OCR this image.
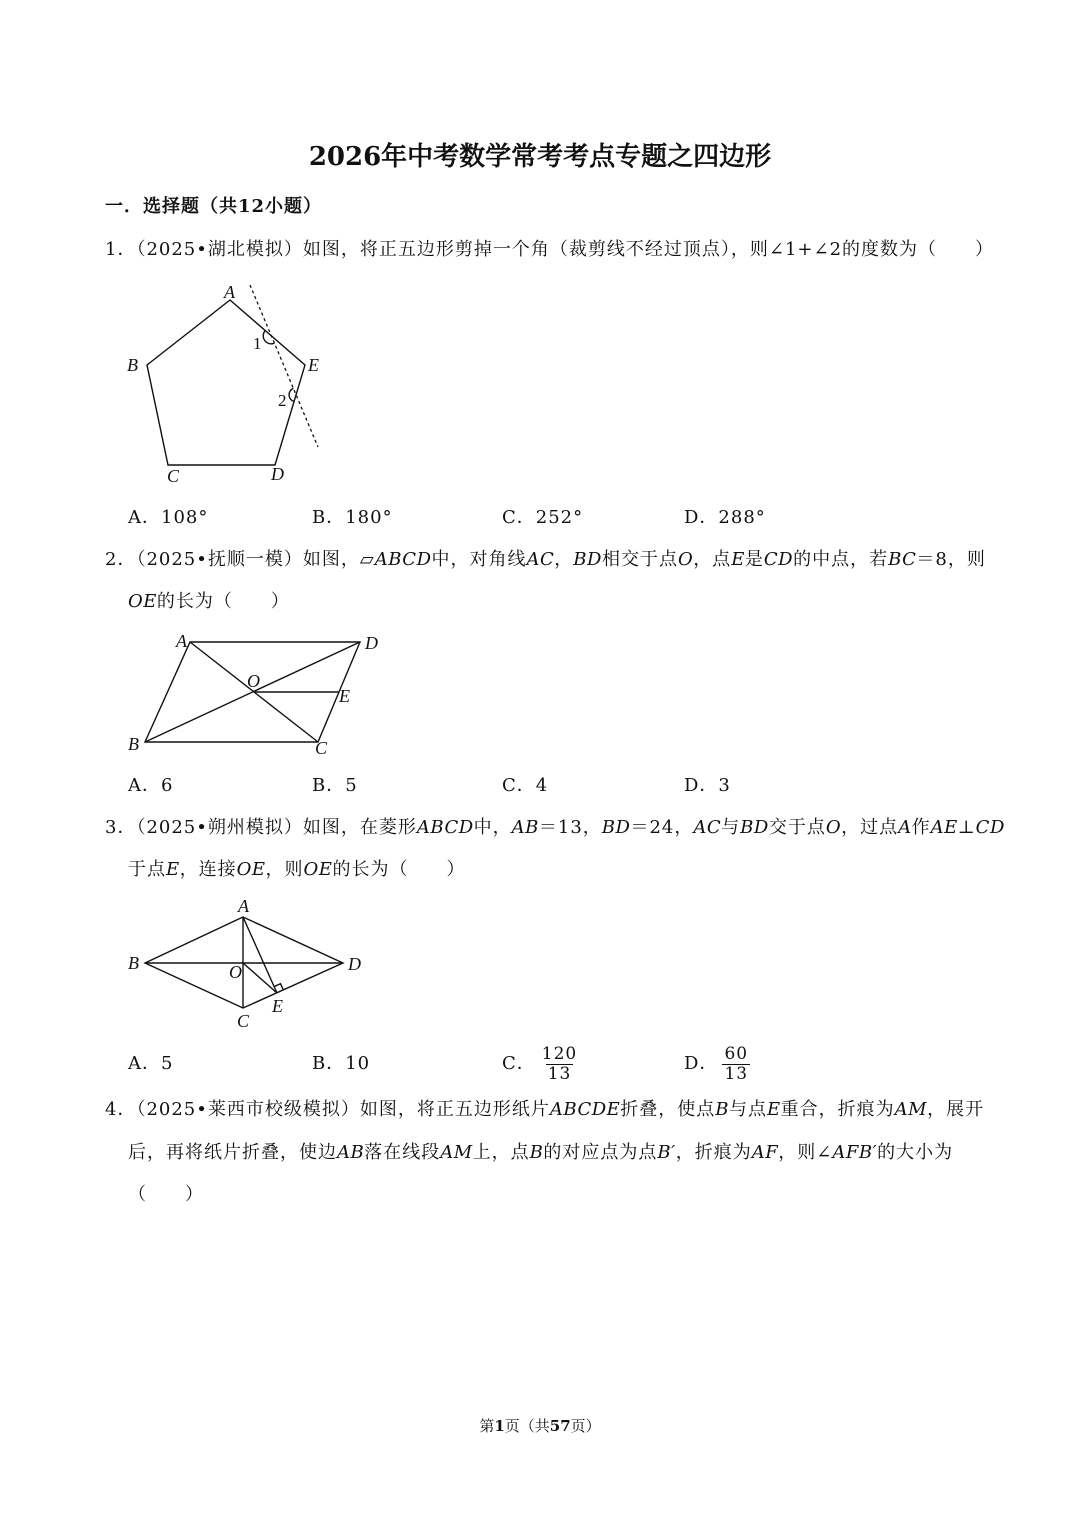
2026年中考数学常考考点专题之四边形
一．选择题（共12小题）
1．（2025•湖北模拟）如图，将正五边形剪掉一个角（裁剪线不经过顶点），则∠1+∠2的度数为（　　）
A
B
C	D
E
1
2
A．108°	B．180°	C．252°	D．288°
2．（2025•抚顺一模）如图，▱ABCD中，对角线AC，BD相交于点O，点E是CD的中点，若BC＝8，则
OE的长为（　　）
A	D
O
E
B	C
A．6	B．5	C．4	D．3
3．（2025•朔州模拟）如图，在菱形ABCD中，AB＝13，BD＝24，AC与BD交于点O，过点A作AE⊥CD
于点E，连接OE，则OE的长为（　　）
A
B	O	D
E
C
A．5	B．10	C． $\frac{120}{13}$	D． $\frac{60}{13}$
4．（2025•莱西市校级模拟）如图，将正五边形纸片ABCDE折叠，使点B与点E重合，折痕为AM，展开
后，再将纸片折叠，使边AB落在线段AM上，点B的对应点为点B′，折痕为AF，则∠AFB′的大小为
（　　）
第1页（共57页）
